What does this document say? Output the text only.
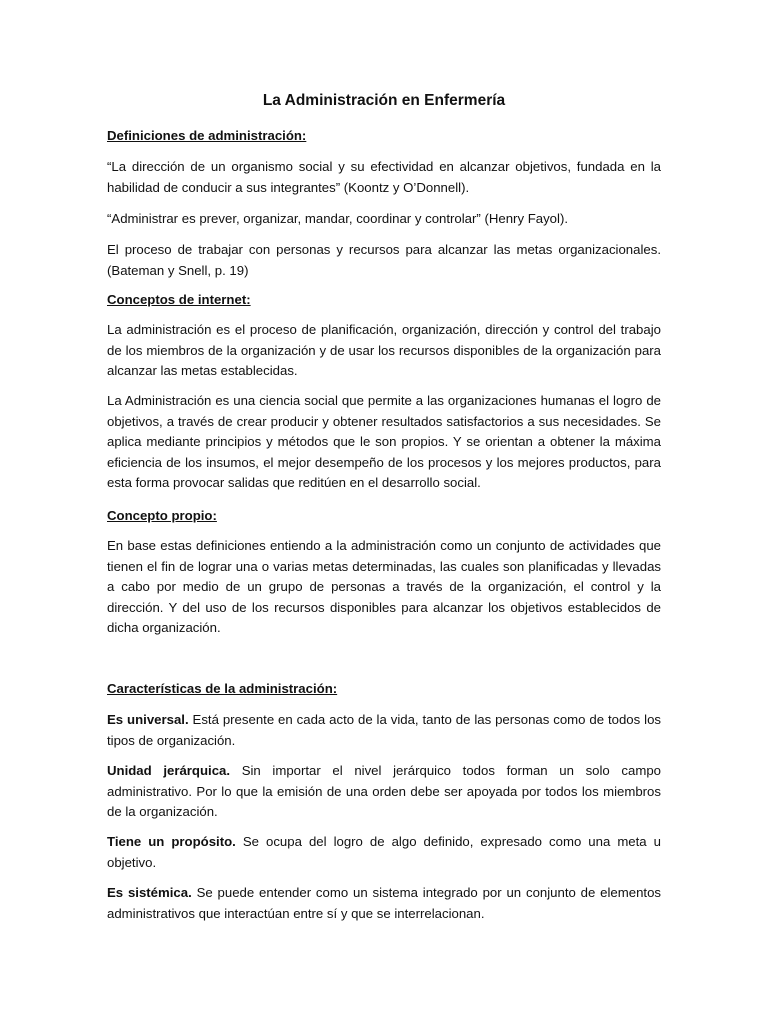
La Administración en Enfermería

Definiciones de administración:

“La dirección de un organismo social y su efectividad en alcanzar objetivos, fundada en la habilidad de conducir a sus integrantes” (Koontz y O’Donnell).

“Administrar es prever, organizar, mandar, coordinar y controlar” (Henry Fayol).

El proceso de trabajar con personas y recursos para alcanzar las metas organizacionales. (Bateman y Snell, p. 19)

Conceptos de internet:

La administración es el proceso de planificación, organización, dirección y control del trabajo de los miembros de la organización y de usar los recursos disponibles de la organización para alcanzar las metas establecidas.

La Administración es una ciencia social que permite a las organizaciones humanas el logro de objetivos, a través de crear producir y obtener resultados satisfactorios a sus necesidades. Se aplica mediante principios y métodos que le son propios. Y se orientan a obtener la máxima eficiencia de los insumos, el mejor desempeño de los procesos y los mejores productos, para esta forma provocar salidas que reditúen en el desarrollo social.

Concepto propio:

En base estas definiciones entiendo a la administración como un conjunto de actividades que tienen el fin de lograr una o varias metas determinadas, las cuales son planificadas y llevadas a cabo por medio de un grupo de personas a través de la organización, el control y la dirección. Y del uso de los recursos disponibles para alcanzar los objetivos establecidos de dicha organización.

Características de la administración:

Es universal. Está presente en cada acto de la vida, tanto de las personas como de todos los tipos de organización.

Unidad jerárquica. Sin importar el nivel jerárquico todos forman un solo campo administrativo. Por lo que la emisión de una orden debe ser apoyada por todos los miembros de la organización.

Tiene un propósito. Se ocupa del logro de algo definido, expresado como una meta u objetivo.

Es sistémica. Se puede entender como un sistema integrado por un conjunto de elementos administrativos que interactúan entre sí y que se interrelacionan.
